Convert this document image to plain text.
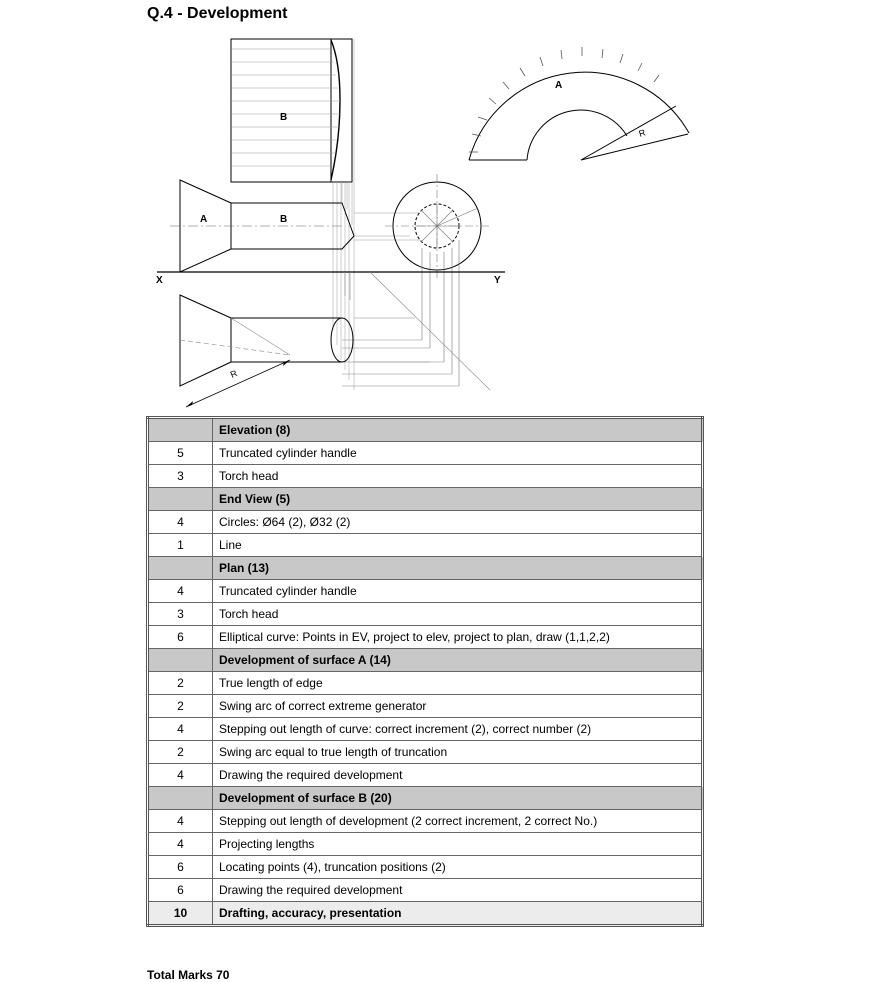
Q.4 - Development
B
A
A	B
X	Y
R
R
	Elevation (8)
5	Truncated cylinder handle
3	Torch head
	End View (5)
4	Circles: Ø64 (2), Ø32 (2)
1	Line
	Plan (13)
4	Truncated cylinder handle
3	Torch head
6	Elliptical curve: Points in EV, project to elev, project to plan, draw (1,1,2,2)
	Development of surface A (14)
2	True length of edge
2	Swing arc of correct extreme generator
4	Stepping out length of curve: correct increment (2), correct number (2)
2	Swing arc equal to true length of truncation
4	Drawing the required development
	Development of surface B (20)
4	Stepping out length of development (2 correct increment, 2 correct No.)
4	Projecting lengths
6	Locating points (4), truncation positions (2)
6	Drawing the required development
10	Drafting, accuracy, presentation
Total Marks 70
